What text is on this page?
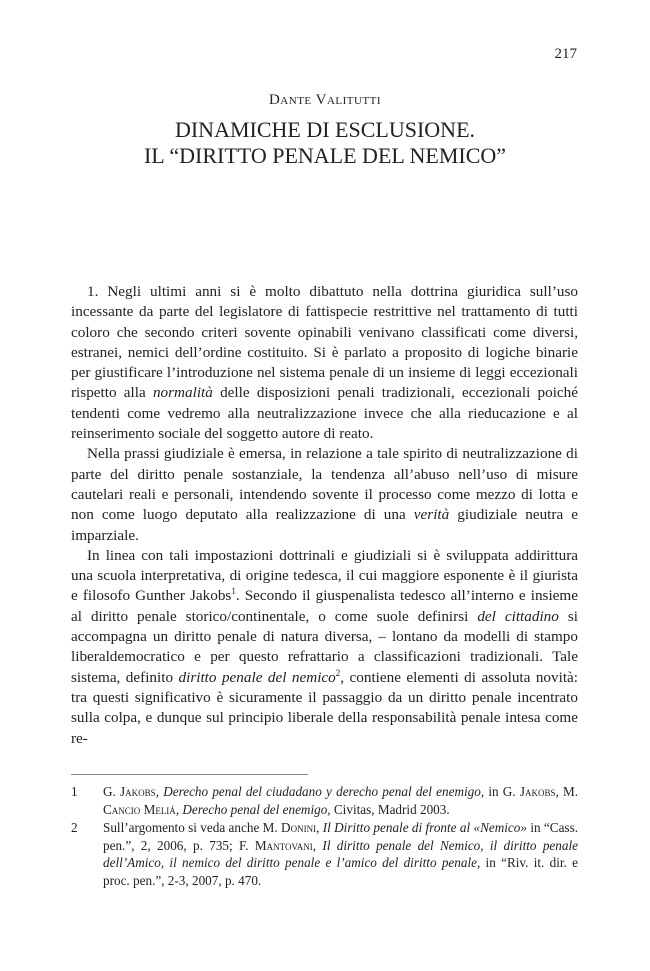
217
Dante Valitutti
DINAMICHE DI ESCLUSIONE.
IL “DIRITTO PENALE DEL NEMICO”

1. Negli ultimi anni si è molto dibattuto nella dottrina giuridica sull’uso incessante da parte del legislatore di fattispecie restrittive nel trattamento di tutti coloro che secondo criteri sovente opinabili venivano classificati come diversi, estranei, nemici dell’ordine costituito. Si è parlato a proposito di logiche binarie per giustificare l’introduzione nel sistema penale di un insieme di leggi eccezionali rispetto alla normalità delle disposizioni penali tradizionali, eccezionali poiché tendenti come vedremo alla neutralizzazione invece che alla rieducazione e al reinserimento sociale del soggetto autore di reato.

Nella prassi giudiziale è emersa, in relazione a tale spirito di neutralizzazione di parte del diritto penale sostanziale, la tendenza all’abuso nell’uso di misure cautelari reali e personali, intendendo sovente il processo come mezzo di lotta e non come luogo deputato alla realizzazione di una verità giudiziale neutra e imparziale.

In linea con tali impostazioni dottrinali e giudiziali si è sviluppata addirittura una scuola interpretativa, di origine tedesca, il cui maggiore esponente è il giurista e filosofo Gunther Jakobs$^1$. Secondo il giuspenalista tedesco all’interno e insieme al diritto penale storico/continentale, o come suole definirsi del cittadino si accompagna un diritto penale di natura diversa, – lontano da modelli di stampo liberaldemocratico e per questo refrattario a classificazioni tradizionali. Tale sistema, definito diritto penale del nemico$^2$, contiene elementi di assoluta novità: tra questi significativo è sicuramente il passaggio da un diritto penale incentrato sulla colpa, e dunque sul principio liberale della responsabilità penale intesa come re-

1	G. Jakobs, Derecho penal del ciudadano y derecho penal del enemigo, in G. Jakobs, M. Cancio Meliá, Derecho penal del enemigo, Civitas, Madrid 2003.
2	Sull’argomento si veda anche M. Donini, Il Diritto penale di fronte al «Nemico» in “Cass. pen.”, 2, 2006, p. 735; F. Mantovani, Il diritto penale del Nemico, il diritto penale dell’Amico, il nemico del diritto penale e l’amico del diritto penale, in “Riv. it. dir. e proc. pen.”, 2-3, 2007, p. 470.
